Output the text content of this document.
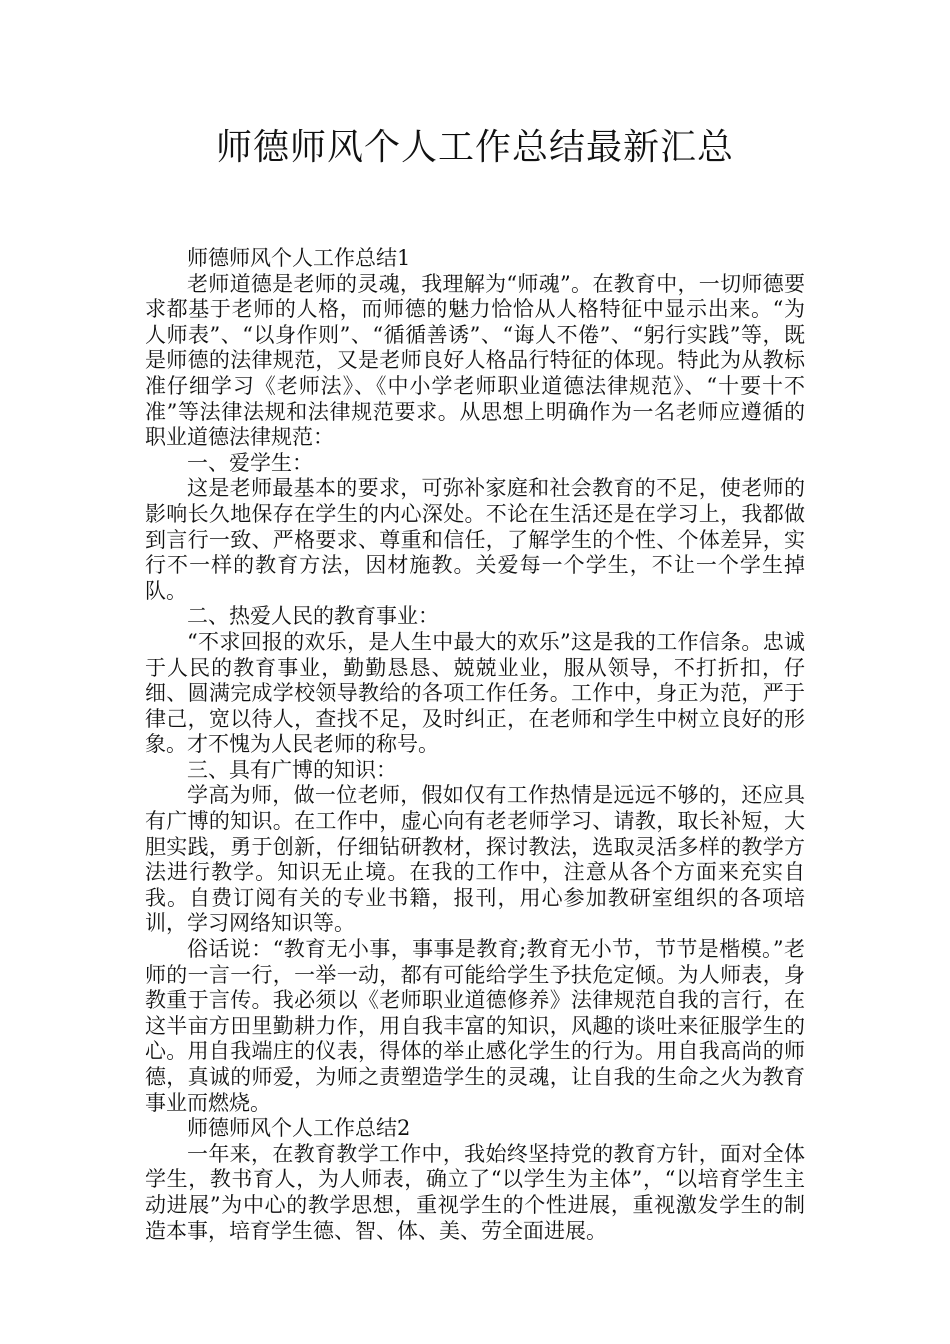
师德师风个人工作总结最新汇总

师德师风个人工作总结1

老师道德是老师的灵魂，我理解为“师魂”。在教育中，一切师德要求都基于老师的人格，而师德的魅力恰恰从人格特征中显示出来。“为人师表”、“以身作则”、“循循善诱”、“诲人不倦”、“躬行实践”等，既是师德的法律规范，又是老师良好人格品行特征的体现。特此为从教标准仔细学习《老师法》、《中小学老师职业道德法律规范》、“十要十不准”等法律法规和法律规范要求。从思想上明确作为一名老师应遵循的职业道德法律规范：

一、爱学生：

这是老师最基本的要求，可弥补家庭和社会教育的不足，使老师的影响长久地保存在学生的内心深处。不论在生活还是在学习上，我都做到言行一致、严格要求、尊重和信任，了解学生的个性、个体差异，实行不一样的教育方法，因材施教。关爱每一个学生，不让一个学生掉队。

二、热爱人民的教育事业：

“不求回报的欢乐，是人生中最大的欢乐”这是我的工作信条。忠诚于人民的教育事业，勤勤恳恳、兢兢业业，服从领导，不打折扣，仔细、圆满完成学校领导教给的各项工作任务。工作中，身正为范，严于律己，宽以待人，查找不足，及时纠正，在老师和学生中树立良好的形象。才不愧为人民老师的称号。

三、具有广博的知识：

学高为师，做一位老师，假如仅有工作热情是远远不够的，还应具有广博的知识。在工作中，虚心向有老老师学习、请教，取长补短，大胆实践，勇于创新，仔细钻研教材，探讨教法，选取灵活多样的教学方法进行教学。知识无止境。在我的工作中，注意从各个方面来充实自我。自费订阅有关的专业书籍，报刊，用心参加教研室组织的各项培训，学习网络知识等。

俗话说：“教育无小事，事事是教育;教育无小节，节节是楷模。”老师的一言一行，一举一动，都有可能给学生予扶危定倾。为人师表，身教重于言传。我必须以《老师职业道德修养》法律规范自我的言行，在这半亩方田里勤耕力作，用自我丰富的知识，风趣的谈吐来征服学生的心。用自我端庄的仪表，得体的举止感化学生的行为。用自我高尚的师德，真诚的师爱，为师之责塑造学生的灵魂，让自我的生命之火为教育事业而燃烧。

师德师风个人工作总结2

一年来，在教育教学工作中，我始终坚持党的教育方针，面对全体学生，教书育人，为人师表，确立了“以学生为主体”，“以培育学生主动进展”为中心的教学思想，重视学生的个性进展，重视激发学生的制造本事，培育学生德、智、体、美、劳全面进展。
